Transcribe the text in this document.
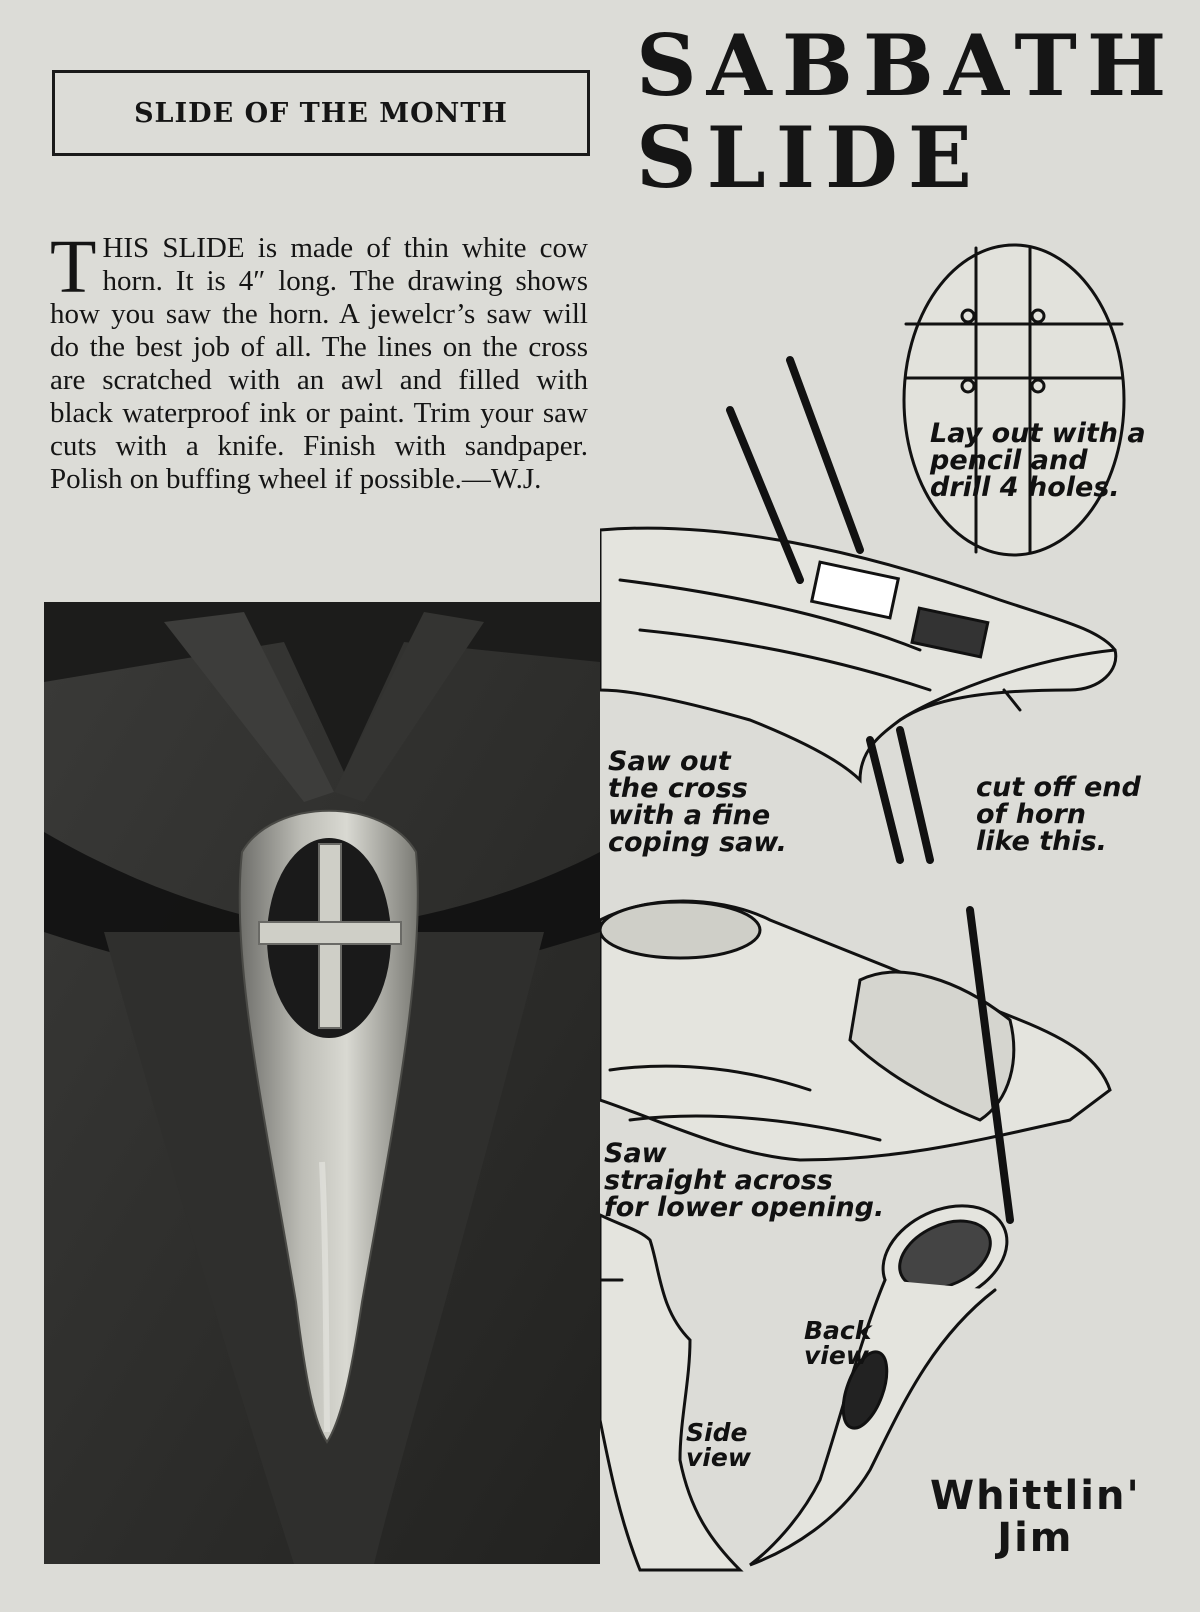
SLIDE OF THE MONTH SABBATH
SLIDE
T HIS SLIDE is made of thin white cow horn. It is 4″ long. The drawing shows how you saw the horn. A jewelcr’s saw will do the best job of all. The lines on the cross are scratched with an awl and filled with black waterproof ink or paint. Trim your saw cuts with a knife. Finish with sandpaper. Polish on buffing wheel if possible.—W.J.
Lay out with a
pencil and
drill 4 holes.
Saw out
the cross
with a fine
coping saw.
cut off end
of horn
like this.
Saw
straight across
for lower opening.
Back
view
Side
view
Whittlin'
Jim
